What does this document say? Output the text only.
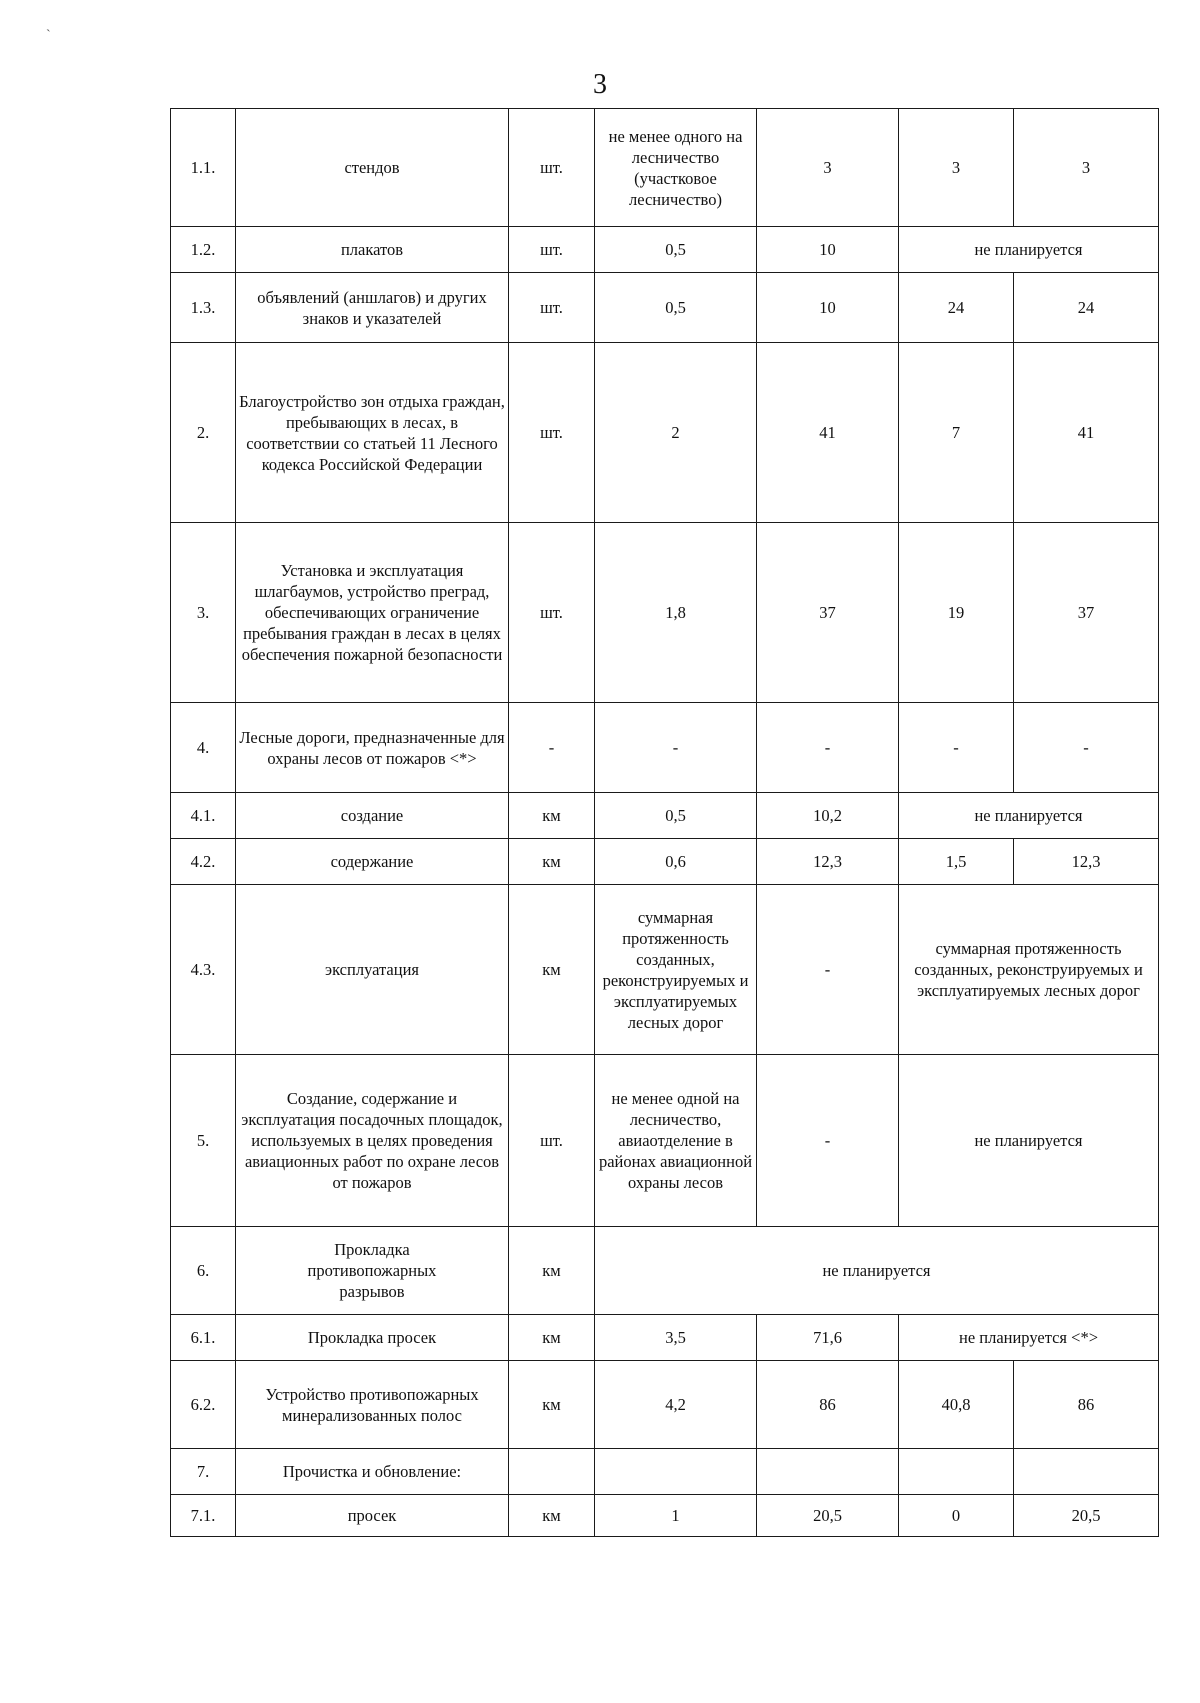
`
3
1.1.	стендов	шт.	не менее одного на лесничество (участковое лесничество)	3	3	3
1.2.	плакатов	шт.	0,5	10	не планируется	
1.3.	объявлений (аншлагов) и других знаков и указателей	шт.	0,5	10	24	24
2.	Благоустройство зон отдыха граждан, пребывающих в лесах, в соответствии со статьей 11 Лесного кодекса Российской Федерации	шт.	2	41	7	41
3.	Установка и эксплуатация шлагбаумов, устройство преград, обеспечивающих ограничение пребывания граждан в лесах в целях обеспечения пожарной безопасности	шт.	1,8	37	19	37
4.	Лесные дороги, предназначенные для охраны лесов от пожаров <*>	-	-	-	-	-
4.1.	создание	км	0,5	10,2	не планируется	
4.2.	содержание	км	0,6	12,3	1,5	12,3
4.3.	эксплуатация	км	суммарная протяженность созданных, реконструируемых и эксплуатируемых лесных дорог	-	суммарная протяженность созданных, реконструируемых и эксплуатируемых лесных дорог	
5.	Создание, содержание и эксплуатация посадочных площадок, используемых в целях проведения авиационных работ по охране лесов от пожаров	шт.	не менее одной на лесничество, авиаотделение в районах авиационной охраны лесов	-	не планируется	
6.	Прокладка противопожарных разрывов	км	не планируется			
6.1.	Прокладка просек	км	3,5	71,6	не планируется <*>	
6.2.	Устройство противопожарных минерализованных полос	км	4,2	86	40,8	86
7.	Прочистка и обновление:					
7.1.	просек	км	1	20,5	0	20,5
